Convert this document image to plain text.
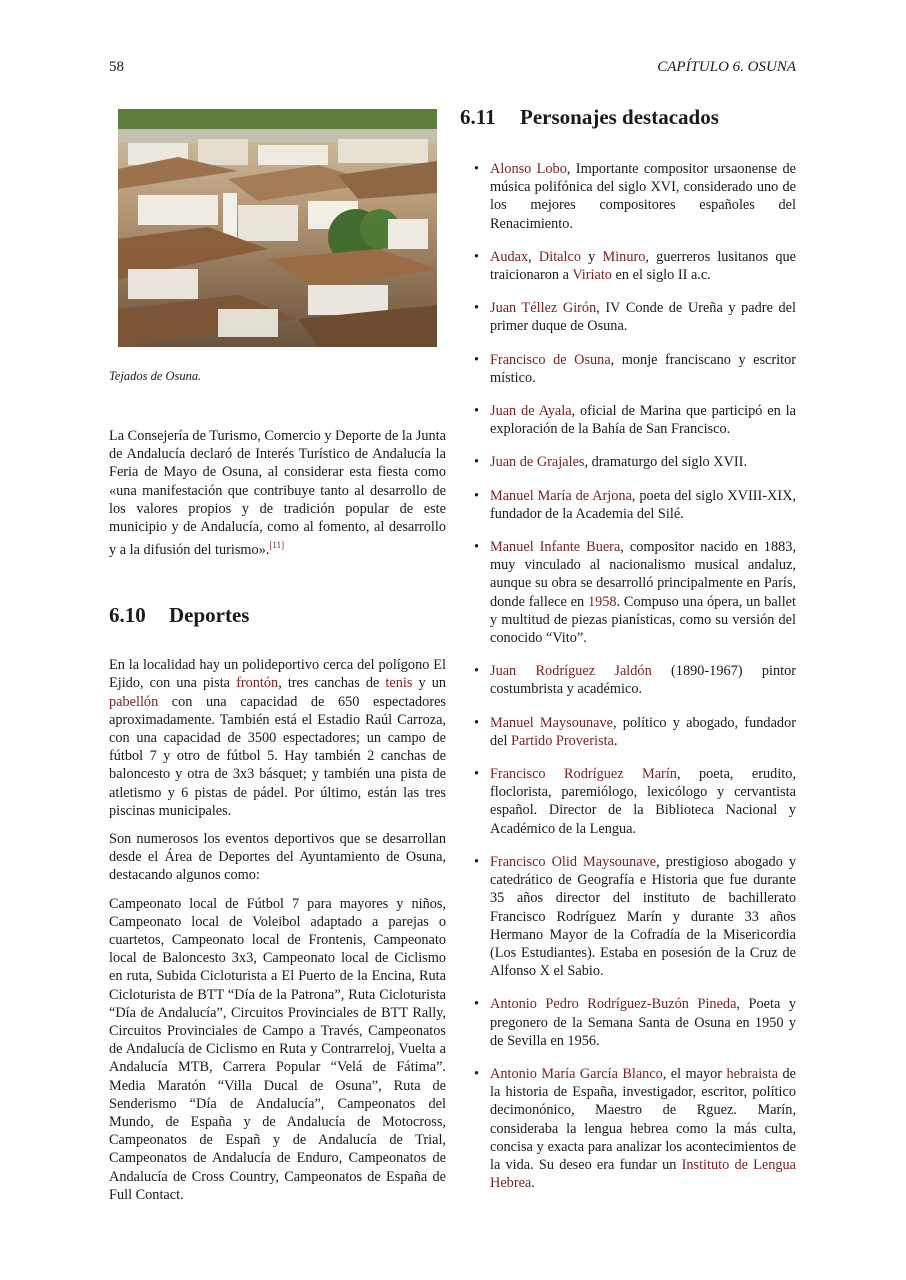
58	CAPÍTULO 6. OSUNA
Tejados de Osuna.

La Consejería de Turismo, Comercio y Deporte de la Junta de Andalucía declaró de Interés Turístico de Andalucía la Feria de Mayo de Osuna, al considerar esta fiesta como «una manifestación que contribuye tanto al desarrollo de los valores propios y de tradición popular de este municipio y de Andalucía, como al fomento, al desarrollo y a la difusión del turismo».[11]

6.10 Deportes

En la localidad hay un polideportivo cerca del polígono El Ejido, con una pista frontón, tres canchas de tenis y un pabellón con una capacidad de 650 espectadores aproximadamente. También está el Estadio Raúl Carroza, con una capacidad de 3500 espectadores; un campo de fútbol 7 y otro de fútbol 5. Hay también 2 canchas de baloncesto y otra de 3x3 básquet; y también una pista de atletismo y 6 pistas de pádel. Por último, están las tres piscinas municipales.

Son numerosos los eventos deportivos que se desarrollan desde el Área de Deportes del Ayuntamiento de Osuna, destacando algunos como:

Campeonato local de Fútbol 7 para mayores y niños, Campeonato local de Voleibol adaptado a parejas o cuartetos, Campeonato local de Frontenis, Campeonato local de Baloncesto 3x3, Campeonato local de Ciclismo en ruta, Subida Cicloturista a El Puerto de la Encina, Ruta Cicloturista de BTT “Día de la Patrona”, Ruta Cicloturista “Día de Andalucía”, Circuitos Provinciales de BTT Rally, Circuitos Provinciales de Campo a Través, Campeonatos de Andalucía de Ciclismo en Ruta y Contrarreloj, Vuelta a Andalucía MTB, Carrera Popular “Velá de Fátima”. Media Maratón “Villa Ducal de Osuna”, Ruta de Senderismo “Día de Andalucía”, Campeonatos del Mundo, de España y de Andalucía de Motocross, Campeonatos de Españ y de Andalucía de Trial, Campeonatos de Andalucía de Enduro, Campeonatos de Andalucía de Cross Country, Campeonatos de España de Full Contact.

6.11 Personajes destacados
• Alonso Lobo, Importante compositor ursaonense de música polifónica del siglo XVI, considerado uno de los mejores compositores españoles del Renacimiento.
• Audax, Ditalco y Minuro, guerreros lusitanos que traicionaron a Viriato en el siglo II a.c.
• Juan Téllez Girón, IV Conde de Ureña y padre del primer duque de Osuna.
• Francisco de Osuna, monje franciscano y escritor místico.
• Juan de Ayala, oficial de Marina que participó en la exploración de la Bahía de San Francisco.
• Juan de Grajales, dramaturgo del siglo XVII.
• Manuel María de Arjona, poeta del siglo XVIII-XIX, fundador de la Academia del Silé.
• Manuel Infante Buera, compositor nacido en 1883, muy vinculado al nacionalismo musical andaluz, aunque su obra se desarrolló principalmente en París, donde fallece en 1958. Compuso una ópera, un ballet y multitud de piezas pianísticas, como su versión del conocido “Vito”.
• Juan Rodríguez Jaldón (1890-1967) pintor costumbrista y académico.
• Manuel Maysounave, político y abogado, fundador del Partido Proverista.
• Francisco Rodríguez Marín, poeta, erudito, floclorista, paremiólogo, lexicólogo y cervantista español. Director de la Biblioteca Nacional y Académico de la Lengua.
• Francisco Olid Maysounave, prestigioso abogado y catedrático de Geografía e Historia que fue durante 35 años director del instituto de bachillerato Francisco Rodríguez Marín y durante 33 años Hermano Mayor de la Cofradía de la Misericordia (Los Estudiantes). Estaba en posesión de la Cruz de Alfonso X el Sabio.
• Antonio Pedro Rodríguez-Buzón Pineda, Poeta y pregonero de la Semana Santa de Osuna en 1950 y de Sevilla en 1956.
• Antonio María García Blanco, el mayor hebraista de la historia de España, investigador, escritor, político decimonónico, Maestro de Rguez. Marín, consideraba la lengua hebrea como la más culta, concisa y exacta para analizar los acontecimientos de la vida. Su deseo era fundar un Instituto de Lengua Hebrea.
